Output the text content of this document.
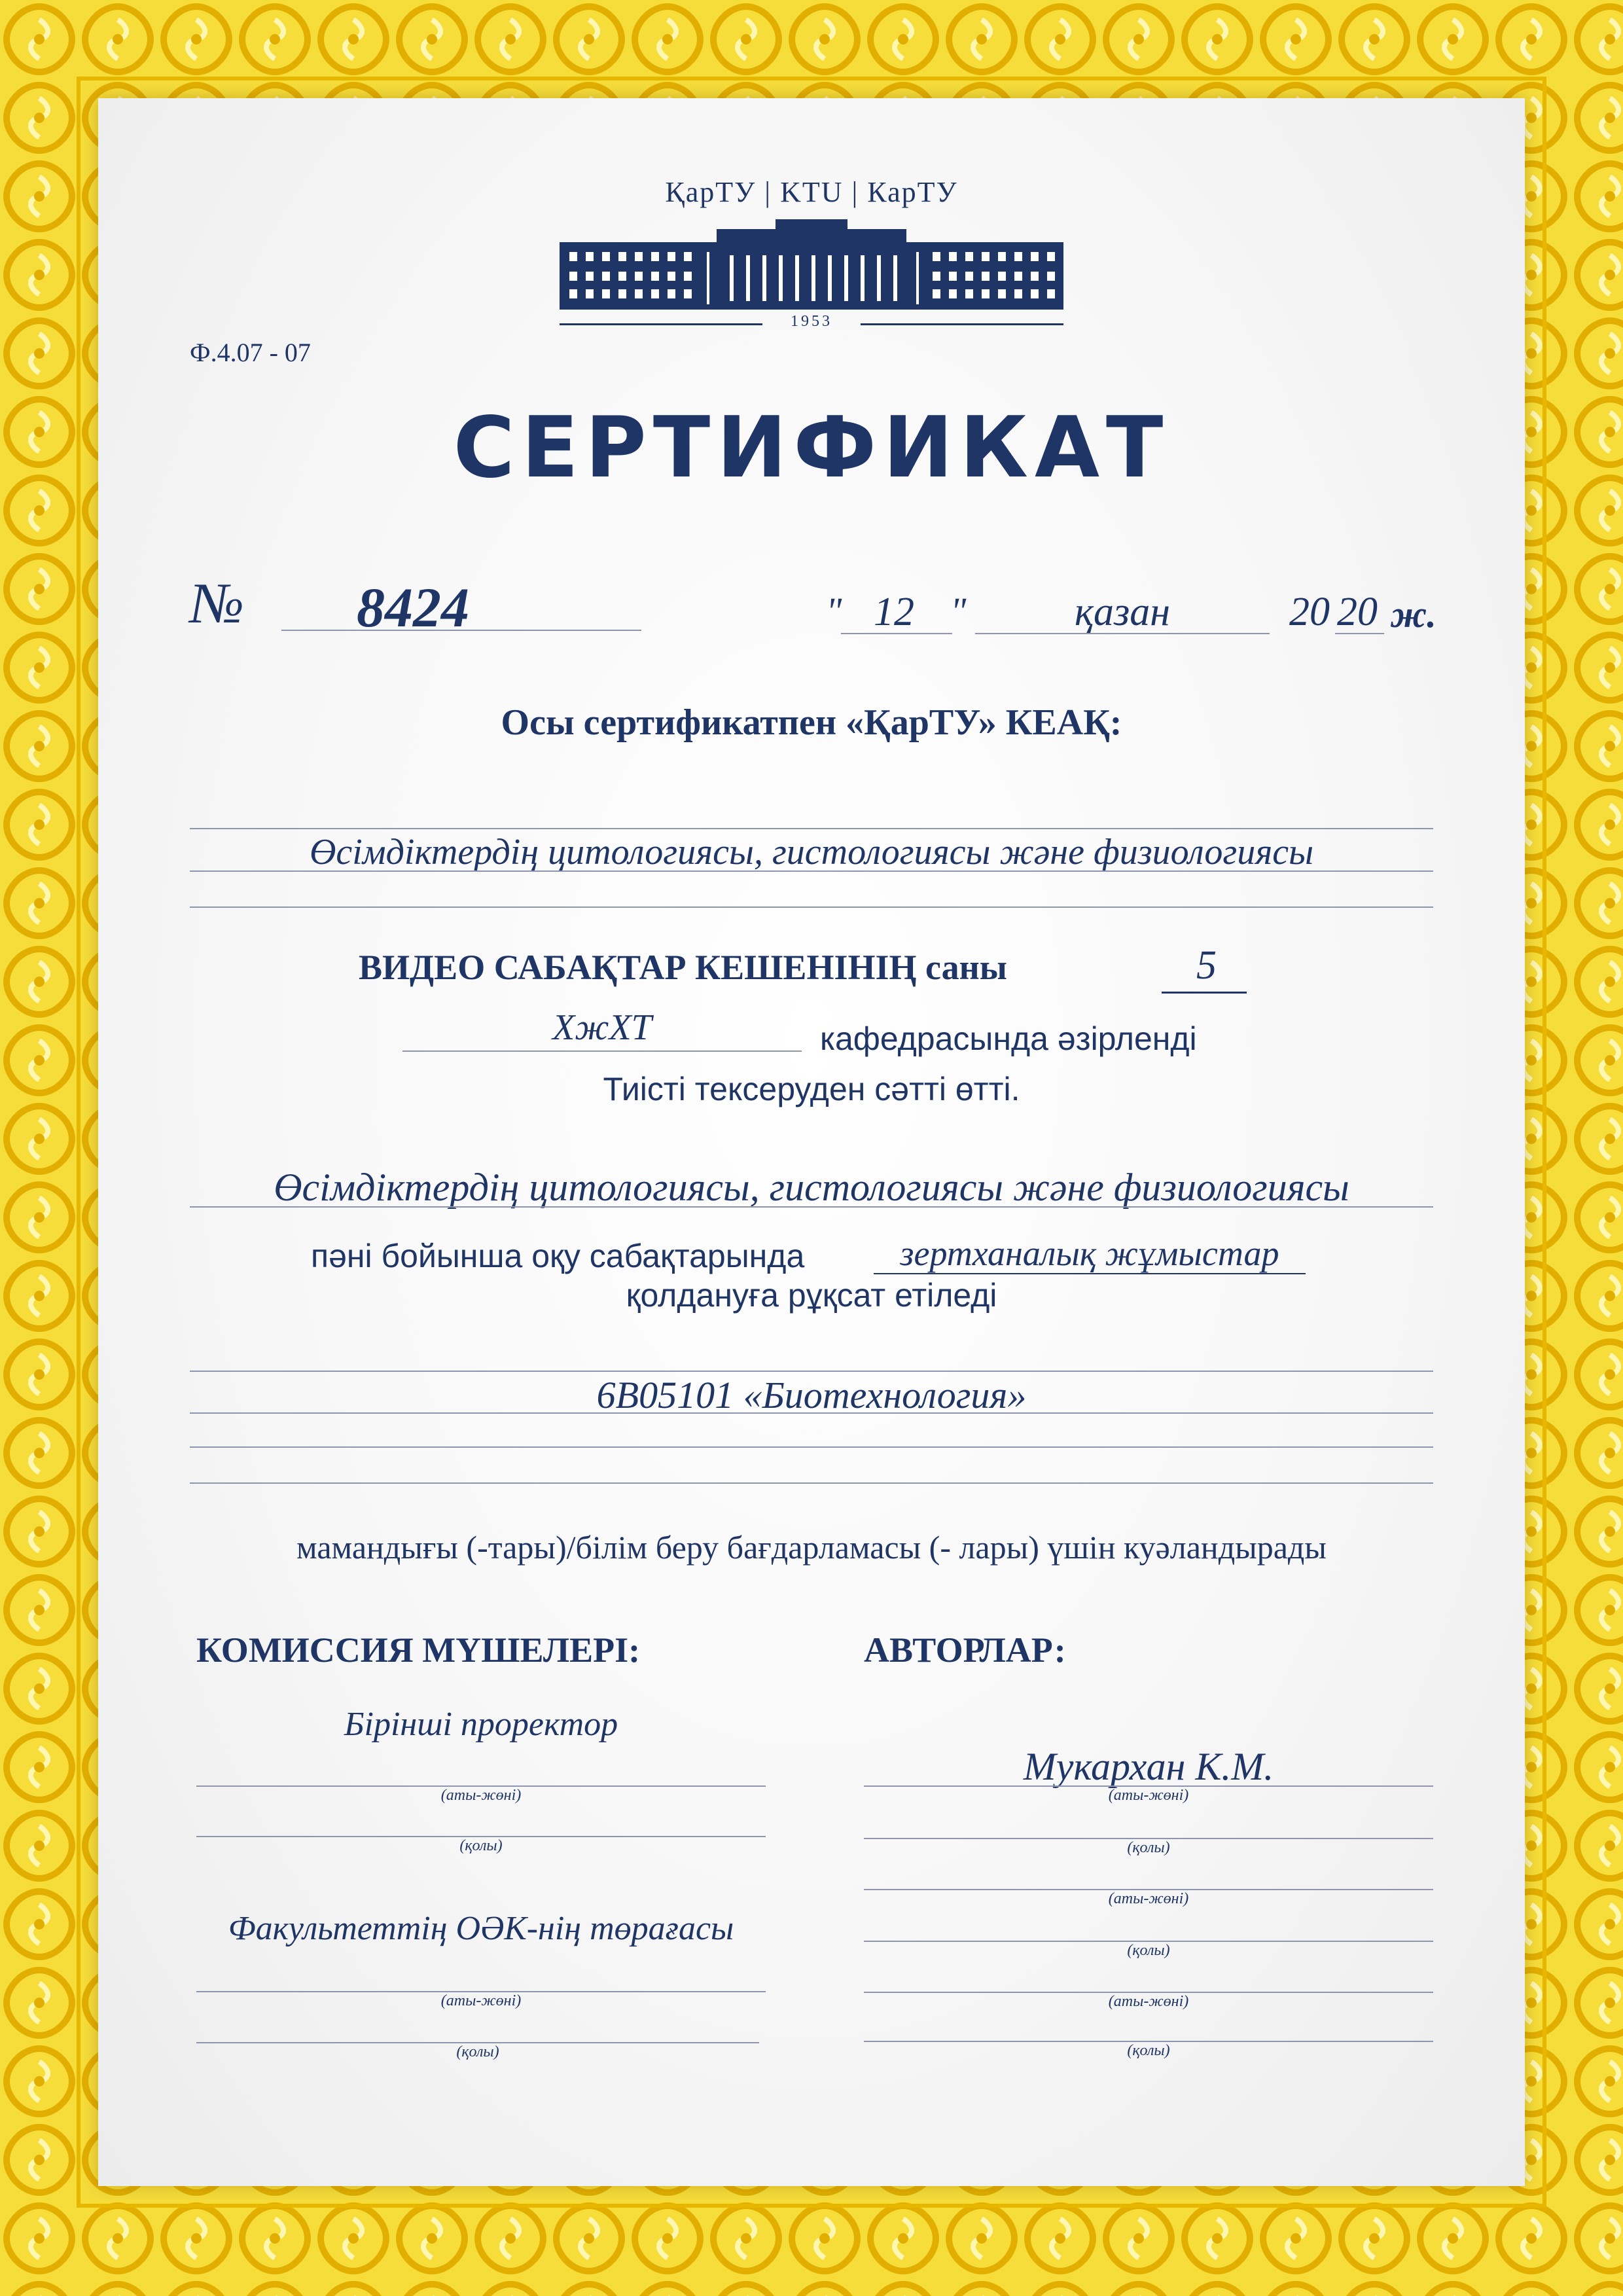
ҚарТУ | KTU | КарТУ
1953
Ф.4.07 - 07
СЕРТИФИКАТ
№ 8424	" 12 "	қазан	20 20 ж.
Осы сертификатпен «ҚарТУ» КЕАҚ:
Өсімдіктердің цитологиясы, гистологиясы және физиологиясы
ВИДЕО САБАҚТАР КЕШЕНІНІҢ саны	5
ХжХТ	кафедрасында әзірленді
Тиісті тексеруден сәтті өтті.
Өсімдіктердің цитологиясы, гистологиясы және физиологиясы
пәні бойынша оқу сабақтарында	зертханалық жұмыстар
қолдануға рұқсат етіледі
6В05101 «Биотехнология»
мамандығы (-тары)/білім беру бағдарламасы (- лары) үшін куәландырады
КОМИССИЯ МҮШЕЛЕРІ:
Бірінші проректор
(аты-жөні)
(қолы)
Факультеттің ОӘК-нің төрағасы
(аты-жөні)
(қолы)
АВТОРЛАР:
Мукархан К.М.
(аты-жөні)
(қолы)
(аты-жөні)
(қолы)
(аты-жөні)
(қолы)
